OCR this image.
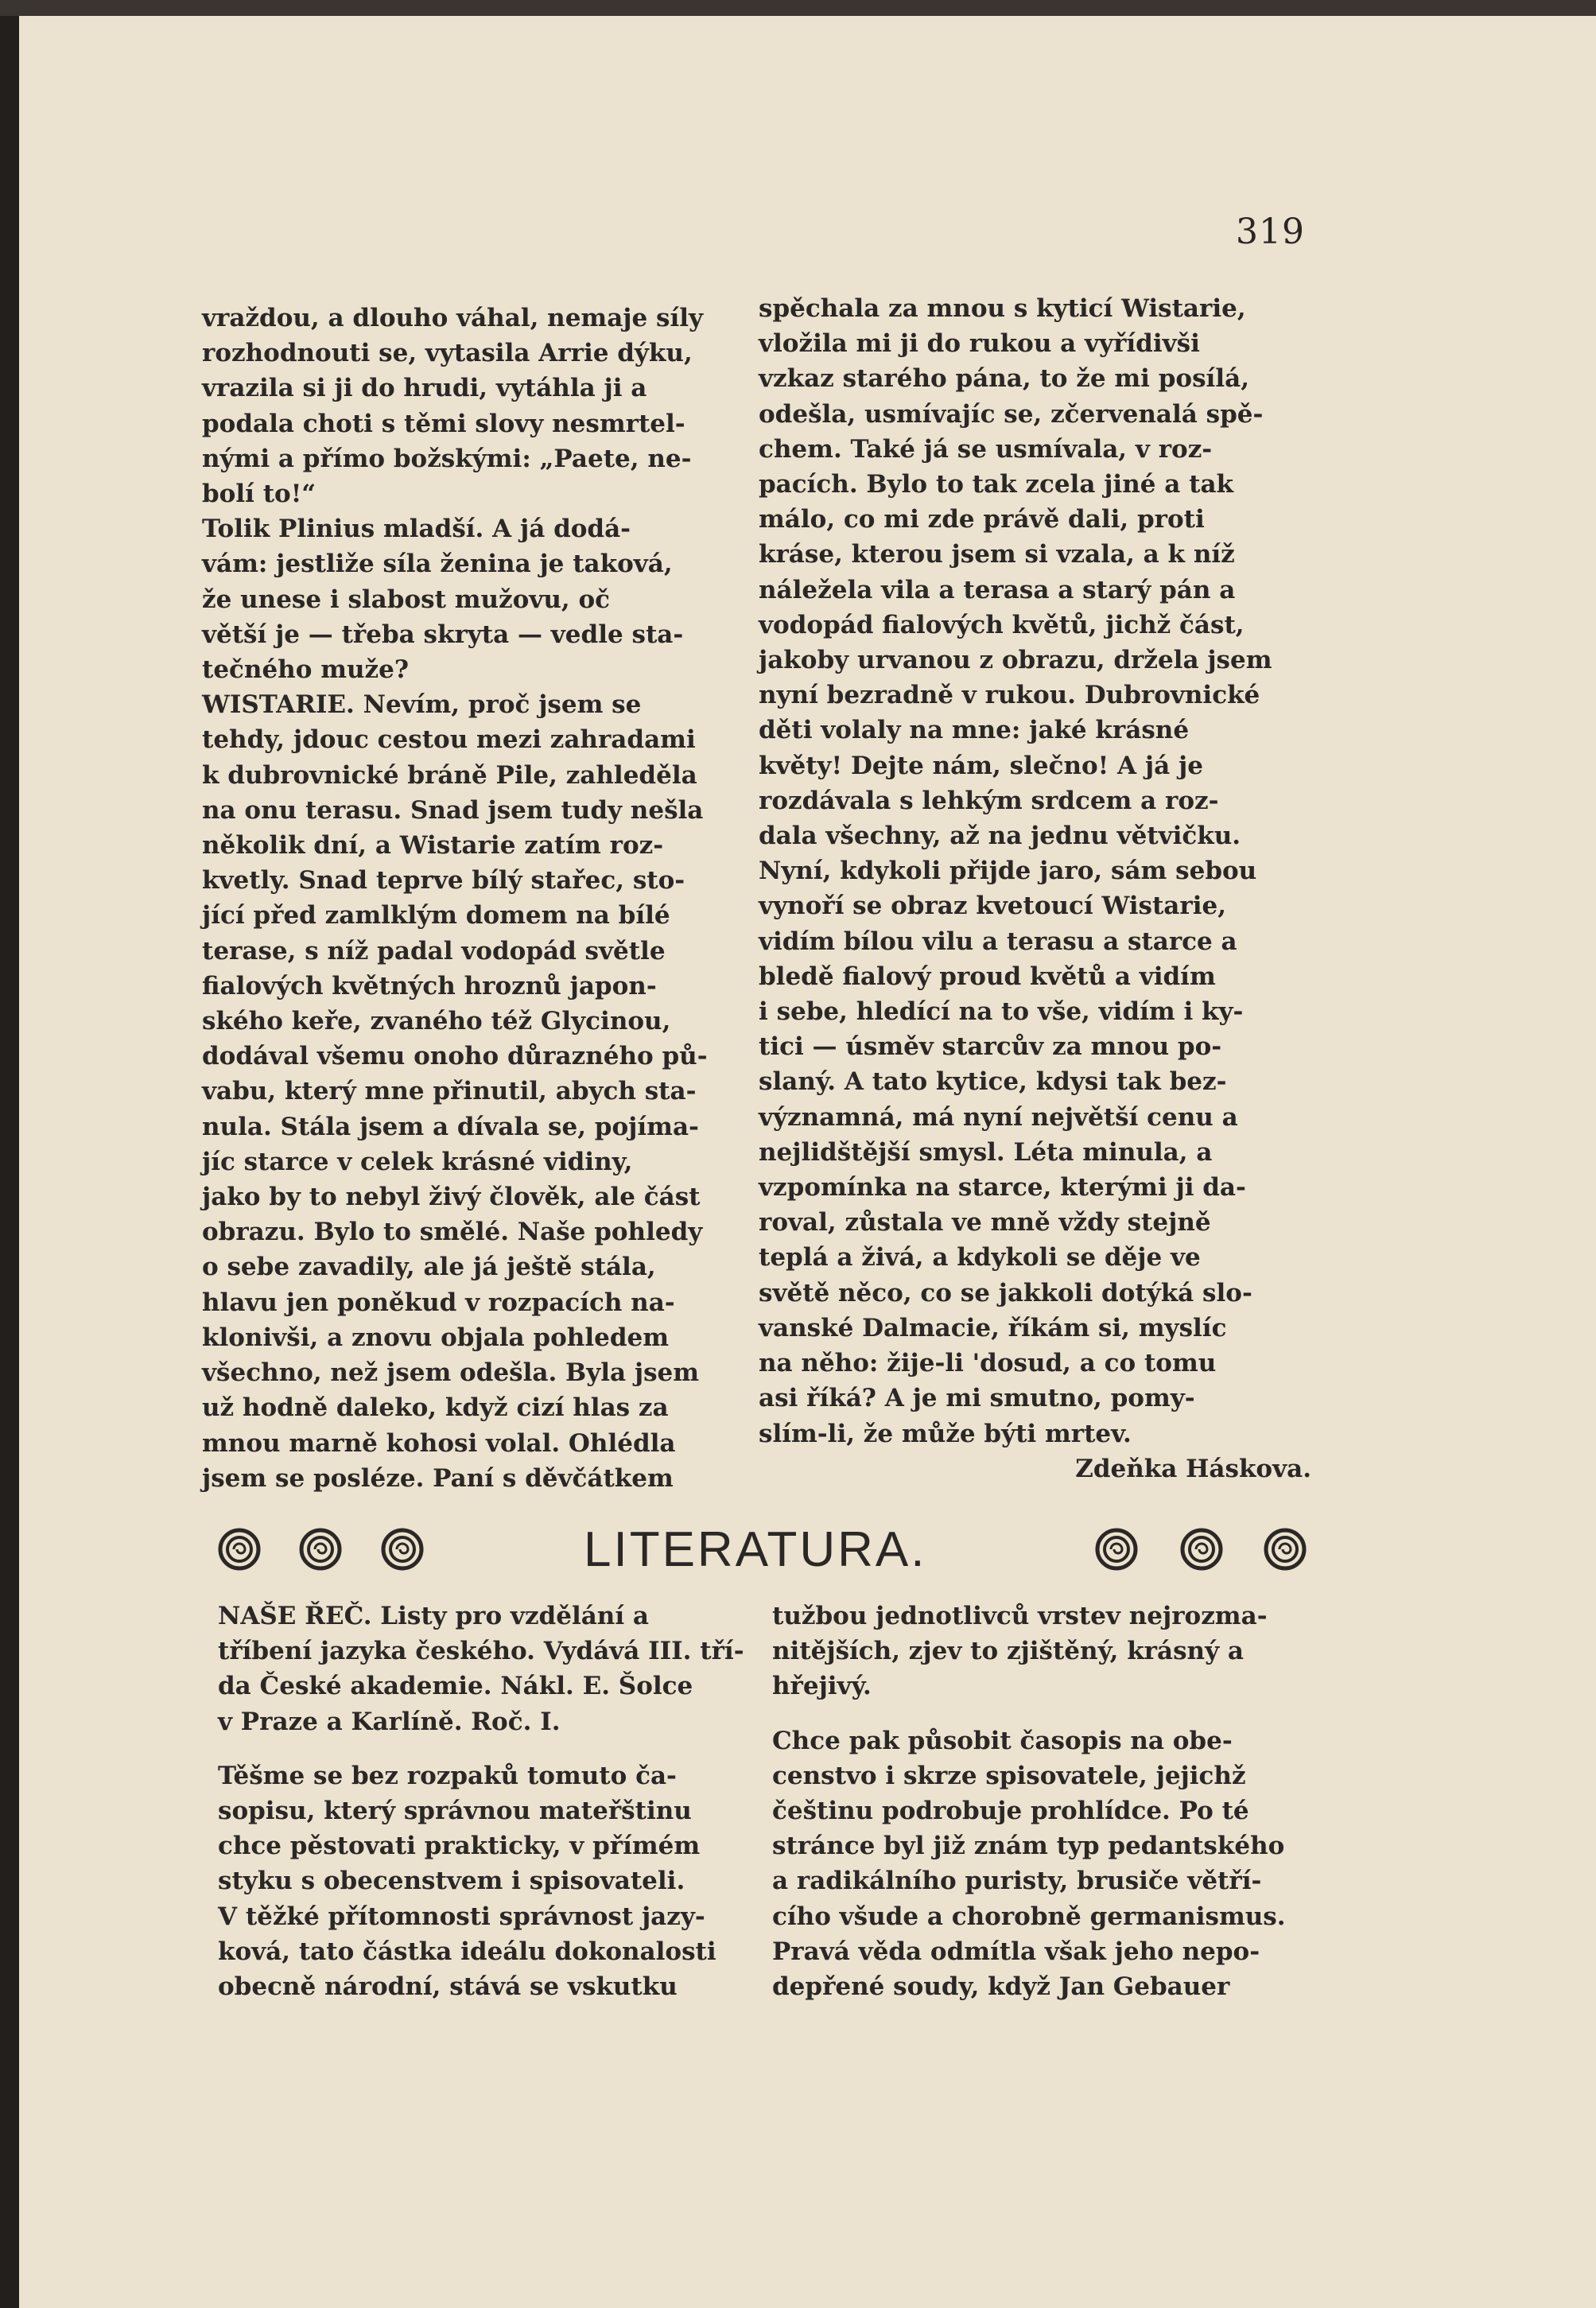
319
vraždou, a dlouho váhal, nemaje síly
rozhodnouti se, vytasila Arrie dýku,
vrazila si ji do hrudi, vytáhla ji a
podala choti s těmi slovy nesmrtel-
nými a přímo božskými: „Paete, ne-
bolí to!“
Tolik Plinius mladší. A já dodá-
vám: jestliže síla ženina je taková,
že unese i slabost mužovu, oč
větší je — třeba skryta — vedle sta-
tečného muže?
WISTARIE. Nevím, proč jsem se
tehdy, jdouc cestou mezi zahradami
k dubrovnické bráně Pile, zahleděla
na onu terasu. Snad jsem tudy nešla
několik dní, a Wistarie zatím roz-
kvetly. Snad teprve bílý stařec, sto-
jící před zamlklým domem na bílé
terase, s níž padal vodopád světle
fialových květných hroznů japon-
ského keře, zvaného též Glycinou,
dodával všemu onoho důrazného pů-
vabu, který mne přinutil, abych sta-
nula. Stála jsem a dívala se, pojíma-
jíc starce v celek krásné vidiny,
jako by to nebyl živý člověk, ale část
obrazu. Bylo to smělé. Naše pohledy
o sebe zavadily, ale já ještě stála,
hlavu jen poněkud v rozpacích na-
klonivši, a znovu objala pohledem
všechno, než jsem odešla. Byla jsem
už hodně daleko, když cizí hlas za
mnou marně kohosi volal. Ohlédla
jsem se posléze. Paní s děvčátkem
spěchala za mnou s kyticí Wistarie,
vložila mi ji do rukou a vyřídivši
vzkaz starého pána, to že mi posílá,
odešla, usmívajíc se, zčervenalá spě-
chem. Také já se usmívala, v roz-
pacích. Bylo to tak zcela jiné a tak
málo, co mi zde právě dali, proti
kráse, kterou jsem si vzala, a k níž
náležela vila a terasa a starý pán a
vodopád fialových květů, jichž část,
jakoby urvanou z obrazu, držela jsem
nyní bezradně v rukou. Dubrovnické
děti volaly na mne: jaké krásné
květy! Dejte nám, slečno! A já je
rozdávala s lehkým srdcem a roz-
dala všechny, až na jednu větvičku.
Nyní, kdykoli přijde jaro, sám sebou
vynoří se obraz kvetoucí Wistarie,
vidím bílou vilu a terasu a starce a
bledě fialový proud květů a vidím
i sebe, hledící na to vše, vidím i ky-
tici — úsměv starcův za mnou po-
slaný. A tato kytice, kdysi tak bez-
významná, má nyní největší cenu a
nejlidštější smysl. Léta minula, a
vzpomínka na starce, kterými ji da-
roval, zůstala ve mně vždy stejně
teplá a živá, a kdykoli se děje ve
světě něco, co se jakkoli dotýká slo-
vanské Dalmacie, říkám si, myslíc
na něho: žije-li 'dosud, a co tomu
asi říká? A je mi smutno, pomy-
slím-li, že může býti mrtev.
Zdeňka Háskova.
LITERATURA.
NAŠE ŘEČ. Listy pro vzdělání a
tříbení jazyka českého. Vydává III. tří-
da České akademie. Nákl. E. Šolce
v Praze a Karlíně. Roč. I.
Těšme se bez rozpaků tomuto ča-
sopisu, který správnou mateřštinu
chce pěstovati prakticky, v přímém
styku s obecenstvem i spisovateli.
V těžké přítomnosti správnost jazy-
ková, tato částka ideálu dokonalosti
obecně národní, stává se vskutku
tužbou jednotlivců vrstev nejrozma-
nitějších, zjev to zjištěný, krásný a
hřejivý.
Chce pak působit časopis na obe-
censtvo i skrze spisovatele, jejichž
češtinu podrobuje prohlídce. Po té
stránce byl již znám typ pedantského
a radikálního puristy, brusiče větří-
cího všude a chorobně germanismus.
Pravá věda odmítla však jeho nepo-
depřené soudy, když Jan Gebauer
